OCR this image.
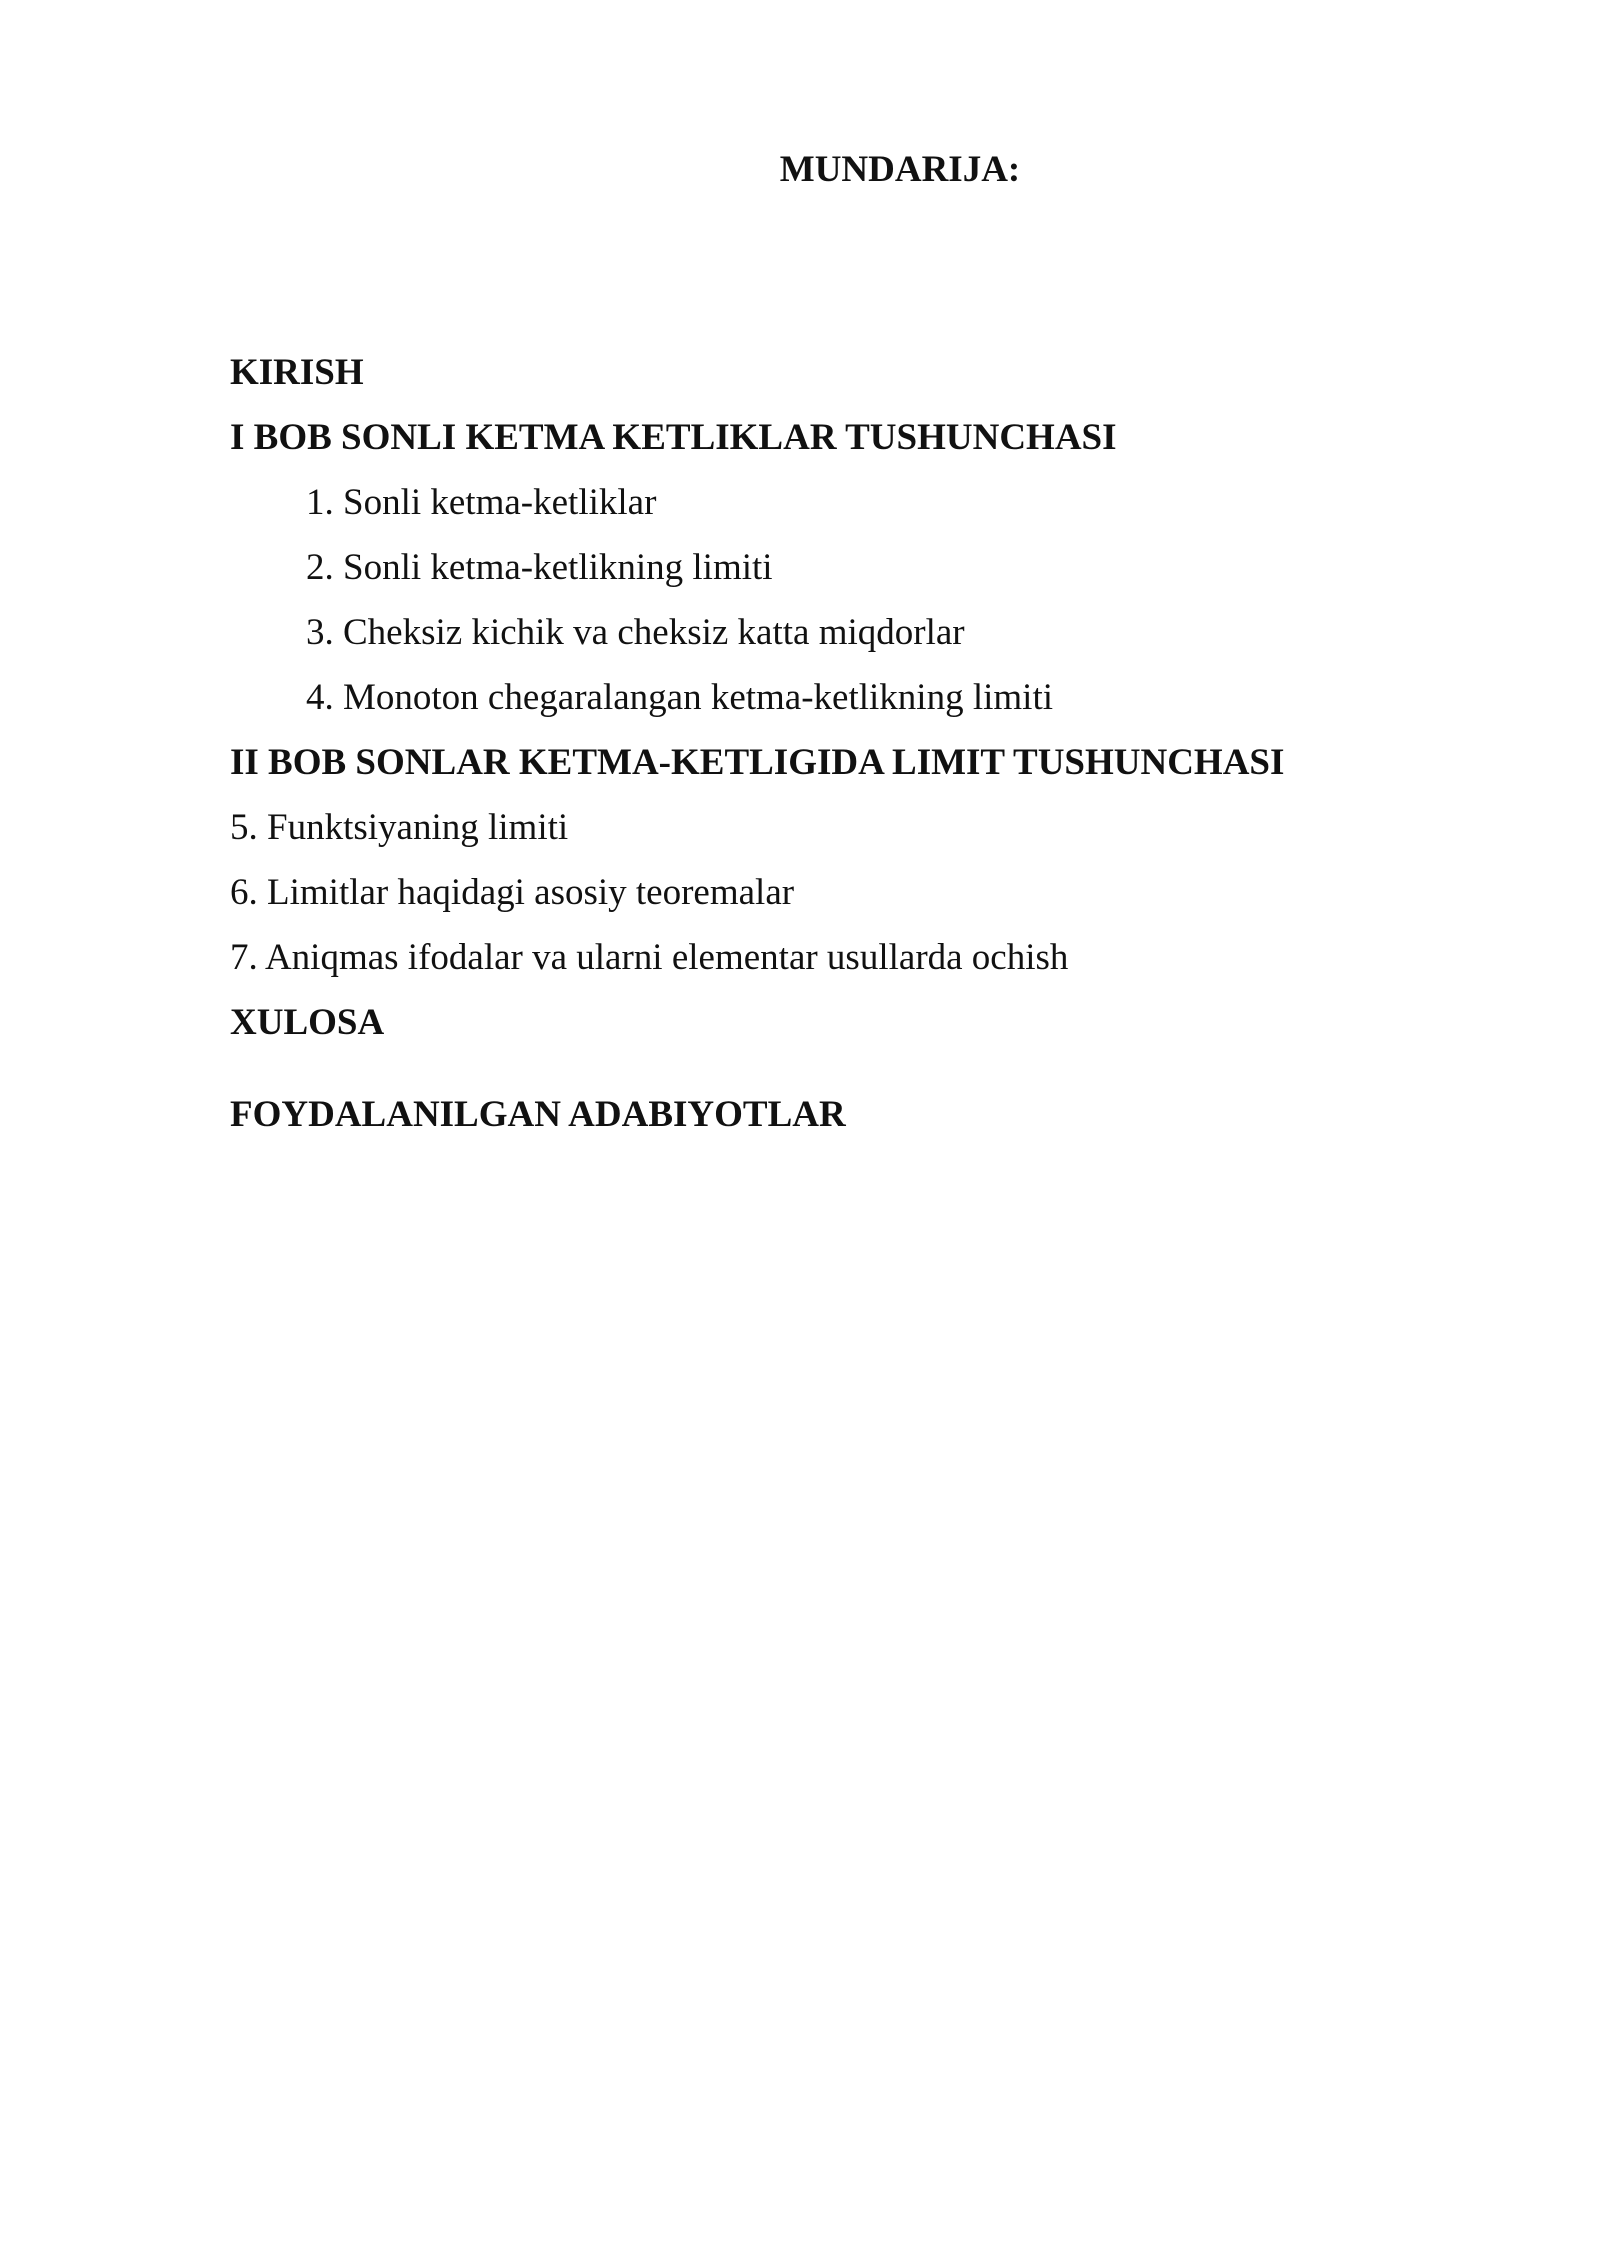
MUNDARIJA:
KIRISH
I BOB SONLI KETMA KETLIKLAR TUSHUNCHASI
1. Sonli ketma-ketliklar
2. Sonli ketma-ketlikning limiti
3. Cheksiz kichik va cheksiz katta miqdorlar
4. Monoton chegaralangan ketma-ketlikning limiti
II BOB SONLAR KETMA-KETLIGIDA LIMIT TUSHUNCHASI
5. Funktsiyaning limiti
6. Limitlar haqidagi asosiy teoremalar
7. Aniqmas ifodalar va ularni elementar usullarda ochish
XULOSA
FOYDALANILGAN ADABIYOTLAR
